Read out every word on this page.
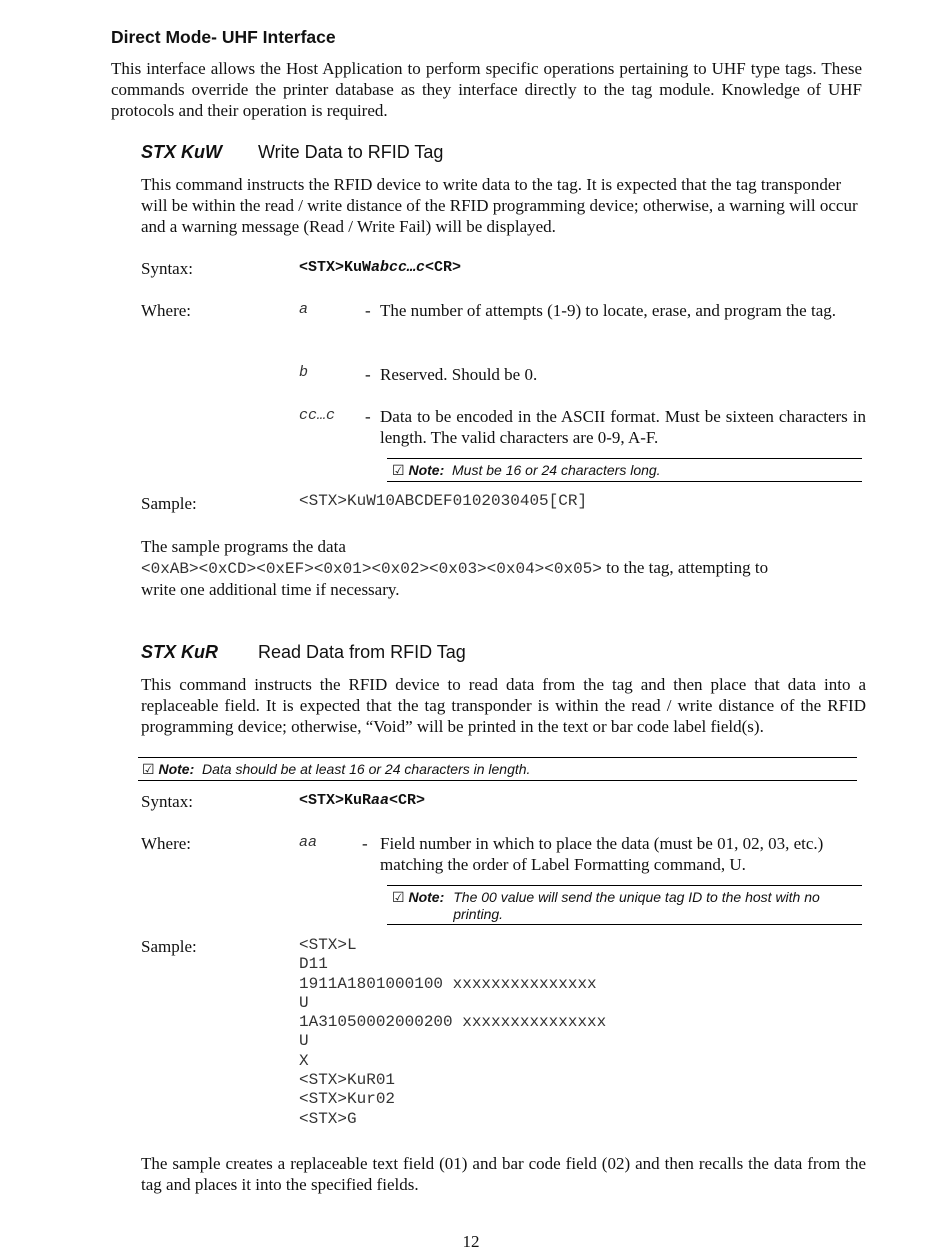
Direct Mode- UHF Interface
This interface allows the Host Application to perform specific operations pertaining to UHF type tags. These commands override the printer database as they interface directly to the tag module. Knowledge of UHF protocols and their operation is required.
STX KuW Write Data to RFID Tag
This command instructs the RFID device to write data to the tag. It is expected that the tag transponder will be within the read / write distance of the RFID programming device; otherwise, a warning will occur and a warning message (Read / Write Fail) will be displayed.
Syntax:	<STX>KuWabcc…c<CR>
Where:	a	- The number of attempts (1-9) to locate, erase, and program the tag.
b	- Reserved. Should be 0.
cc…c - Data to be encoded in the ASCII format. Must be sixteen characters in length. The valid characters are 0-9, A-F.
☑ Note: Must be 16 or 24 characters long.
Sample:	<STX>KuW10ABCDEF0102030405[CR]
The sample programs the data
<0xAB><0xCD><0xEF><0x01><0x02><0x03><0x04><0x05> to the tag, attempting to
write one additional time if necessary.
STX KuR Read Data from RFID Tag
This command instructs the RFID device to read data from the tag and then place that data into a replaceable field. It is expected that the tag transponder is within the read / write distance of the RFID programming device; otherwise, “Void” will be printed in the text or bar code label field(s).
☑ Note: Data should be at least 16 or 24 characters in length.
Syntax:	<STX>KuRaa<CR>
Where:	aa	- Field number in which to place the data (must be 01, 02, 03, etc.) matching the order of Label Formatting command, U.
☑ Note: The 00 value will send the unique tag ID to the host with no printing.
Sample:	<STX>L
D11
1911A1801000100 xxxxxxxxxxxxxxx
U
1A31050002000200 xxxxxxxxxxxxxxx
U
X
<STX>KuR01
<STX>Kur02
<STX>G
The sample creates a replaceable text field (01) and bar code field (02) and then recalls the data from the tag and places it into the specified fields.
12
